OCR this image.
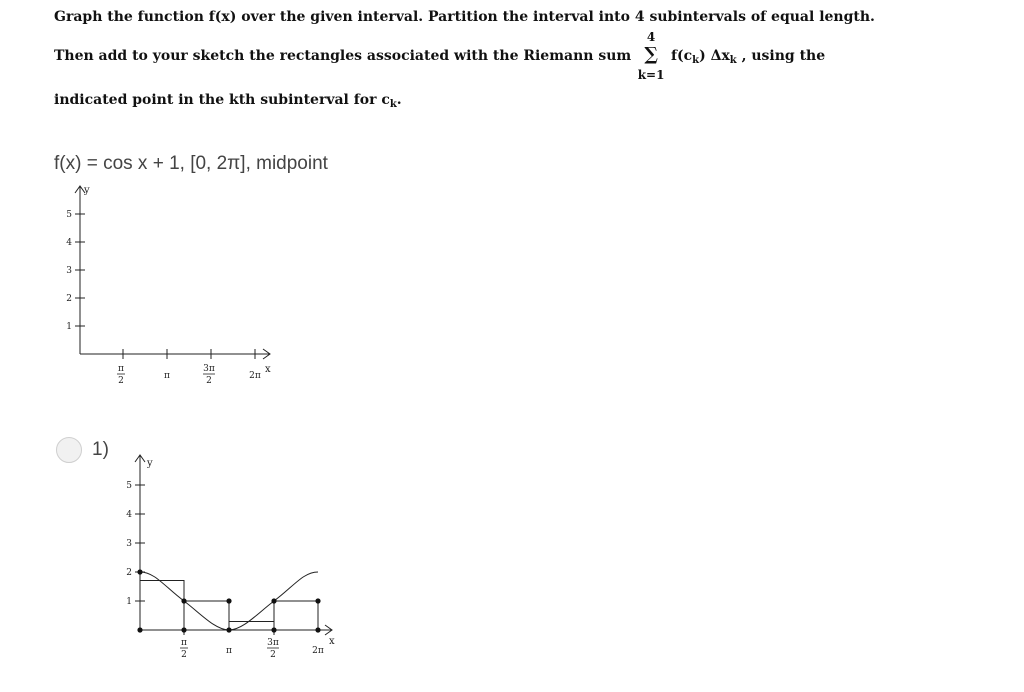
Graph the function f(x) over the given interval. Partition the interval into 4 subintervals of equal length.
Then add to your sketch the rectangles associated with the Riemann sum
4
∑
k=1
$f(c_k)$ $\Delta x_k$ , using the
indicated point in the kth subinterval for $c_k$.
f(x) = cos x + 1, [0, 2π], midpoint
1
2
3
4
5
y
x
π
2	π
3π
2	2π
1)
1
2
3
4
5
y
x
π
2	π
3π
2	2π
